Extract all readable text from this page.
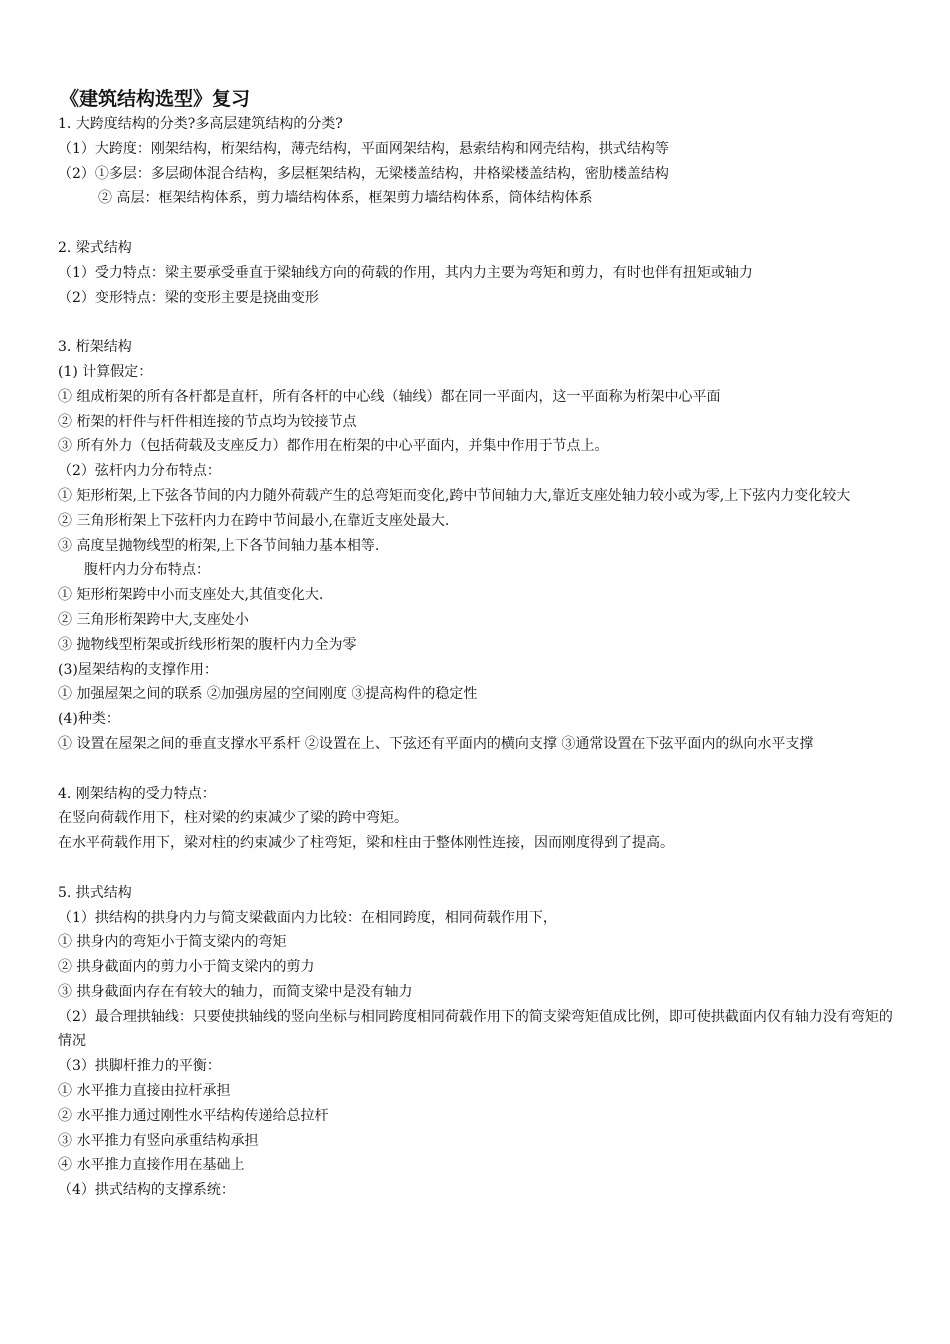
《建筑结构选型》复习

1. 大跨度结构的分类?多高层建筑结构的分类?

（1）大跨度：刚架结构，桁架结构，薄壳结构，平面网架结构，悬索结构和网壳结构，拱式结构等

（2）①多层：多层砌体混合结构，多层框架结构，无梁楼盖结构，井格梁楼盖结构，密肋楼盖结构

② 高层：框架结构体系，剪力墙结构体系，框架剪力墙结构体系，筒体结构体系

2. 梁式结构

（1）受力特点：梁主要承受垂直于梁轴线方向的荷载的作用，其内力主要为弯矩和剪力，有时也伴有扭矩或轴力

（2）变形特点：梁的变形主要是挠曲变形

3. 桁架结构

(1) 计算假定：

① 组成桁架的所有各杆都是直杆，所有各杆的中心线（轴线）都在同一平面内，这一平面称为桁架中心平面

② 桁架的杆件与杆件相连接的节点均为铰接节点

③ 所有外力（包括荷载及支座反力）都作用在桁架的中心平面内，并集中作用于节点上。

（2）弦杆内力分布特点：

① 矩形桁架,上下弦各节间的内力随外荷载产生的总弯矩而变化,跨中节间轴力大,靠近支座处轴力较小或为零,上下弦内力变化较大

② 三角形桁架上下弦杆内力在跨中节间最小,在靠近支座处最大.

③ 高度呈抛物线型的桁架,上下各节间轴力基本相等.

腹杆内力分布特点：

① 矩形桁架跨中小而支座处大,其值变化大.

② 三角形桁架跨中大,支座处小

③ 抛物线型桁架或折线形桁架的腹杆内力全为零

(3)屋架结构的支撑作用：

① 加强屋架之间的联系 ②加强房屋的空间刚度 ③提高构件的稳定性

(4)种类：

① 设置在屋架之间的垂直支撑水平系杆 ②设置在上、下弦还有平面内的横向支撑 ③通常设置在下弦平面内的纵向水平支撑

4. 刚架结构的受力特点：

在竖向荷载作用下，柱对梁的约束减少了梁的跨中弯矩。

在水平荷载作用下，梁对柱的约束减少了柱弯矩，梁和柱由于整体刚性连接，因而刚度得到了提高。

5. 拱式结构

（1）拱结构的拱身内力与简支梁截面内力比较：在相同跨度，相同荷载作用下，

① 拱身内的弯矩小于简支梁内的弯矩

② 拱身截面内的剪力小于简支梁内的剪力

③ 拱身截面内存在有较大的轴力，而简支梁中是没有轴力

（2）最合理拱轴线：只要使拱轴线的竖向坐标与相同跨度相同荷载作用下的简支梁弯矩值成比例，即可使拱截面内仅有轴力没有弯矩的情况

（3）拱脚杆推力的平衡：

① 水平推力直接由拉杆承担

② 水平推力通过刚性水平结构传递给总拉杆

③ 水平推力有竖向承重结构承担

④ 水平推力直接作用在基础上

（4）拱式结构的支撑系统：
